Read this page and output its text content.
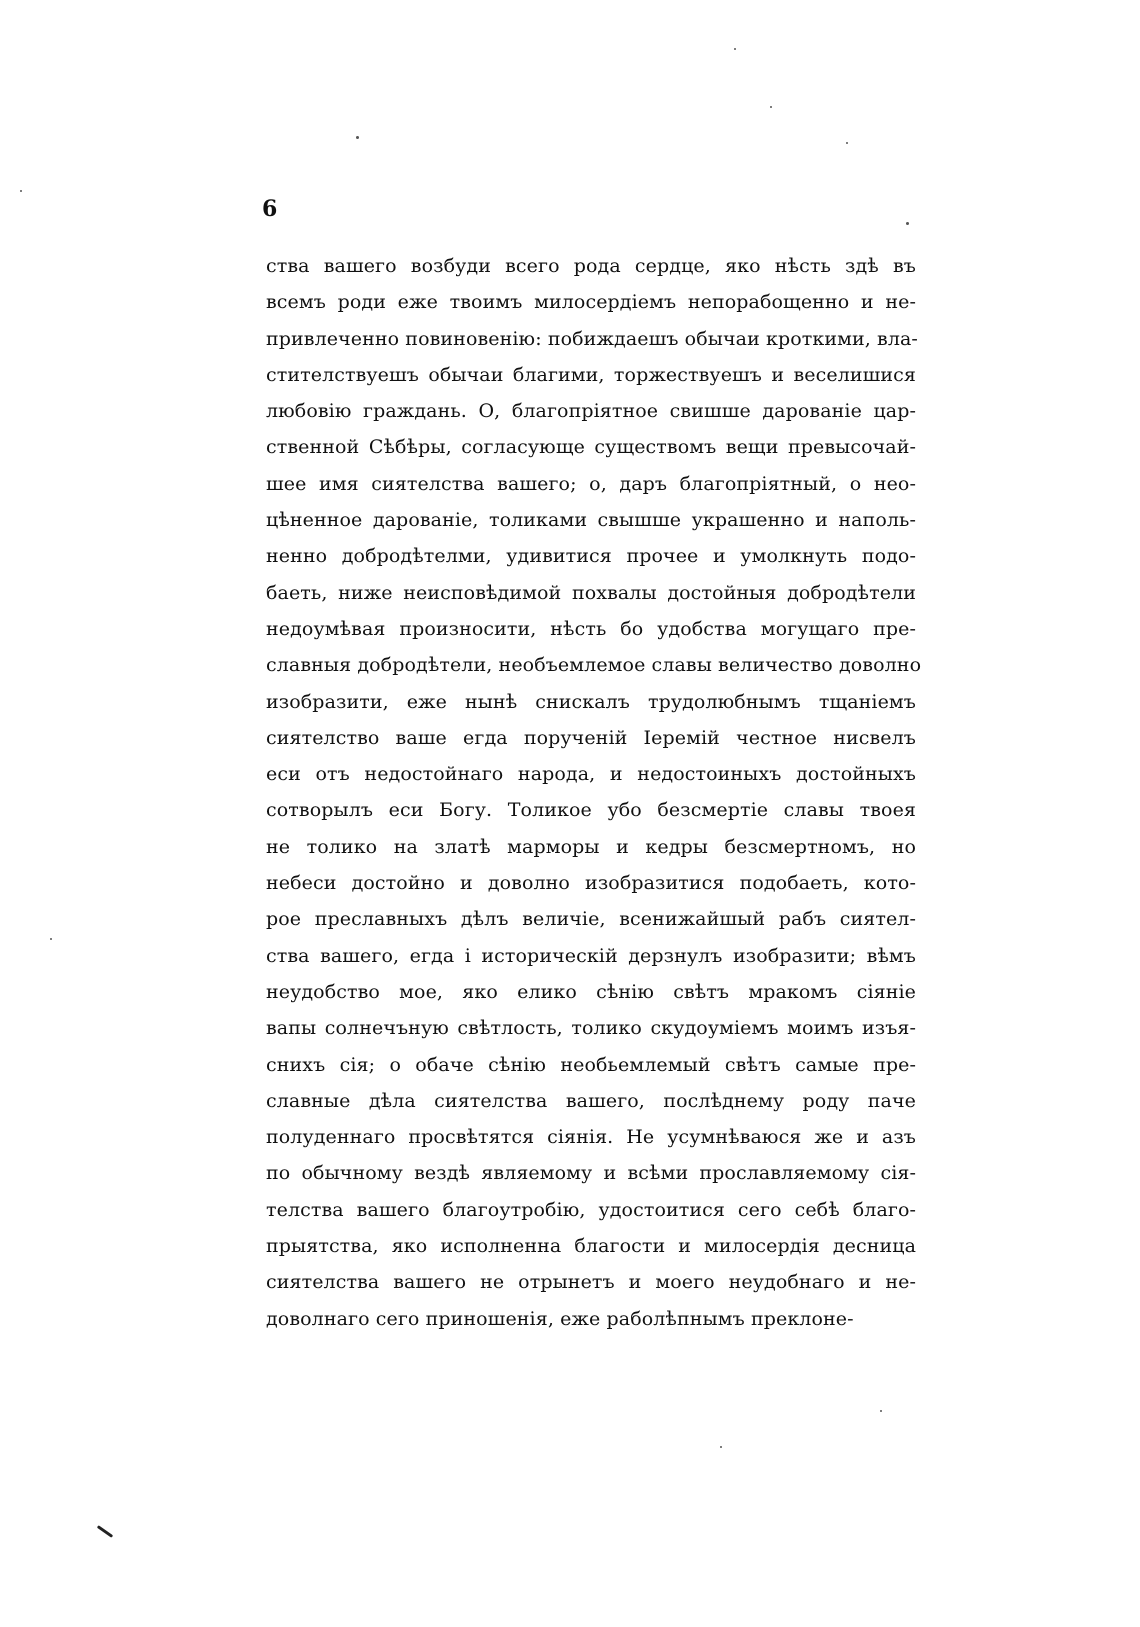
6
ства вашего возбуди всего рода сердце, яко нѣсть здѣ въ
всемъ роди еже твоимъ милосердіемъ непорабощенно и не-
привлеченно повиновенію: побиждаешъ обычаи кроткими, вла-
стителствуешъ обычаи благими, торжествуешъ и веселишися
любовію граждань. О, благопріятное свишше дарованіе цар-
ственной Сѣбѣры, согласующе существомъ вещи превысочай-
шее имя сиятелства вашего; о, даръ благопріятный, о нео-
цѣненное дарованіе, толиками свышше украшенно и наполь-
ненно добродѣтелми, удивитися прочее и умолкнуть подо-
баеть, ниже неисповѣдимой похвалы достойныя добродѣтели
недоумѣвая произносити, нѣсть бо удобства могущаго пре-
славныя добродѣтели, необъемлемое славы величество доволно
изобразити, еже нынѣ снискалъ трудолюбнымъ тщаніемъ
сиятелство ваше егда порученій Іеремій честное нисвелъ
еси отъ недостойнаго народа, и недостоиныхъ достойныхъ
сотворылъ еси Богу. Толикое убо безсмертіе славы твоея
не толико на златѣ марморы и кедры безсмертномъ, но
небеси достойно и доволно изобразитися подобаеть, кото-
рое преславныхъ дѣлъ величіе, всенижайшый рабъ сиятел-
ства вашего, егда і историческій дерзнулъ изобразити; вѣмъ
неудобство мое, яко елико сѣнію свѣтъ мракомъ сіяніе
вапы солнечъную свѣтлость, толико скудоуміемъ моимъ изъя-
снихъ сія; о обаче сѣнію необьемлемый свѣтъ самые пре-
славные дѣла сиятелства вашего, послѣднему роду паче
полуденнаго просвѣтятся сіянія. Не усумнѣваюся же и азъ
по обычному вездѣ являемому и всѣми прославляемому сія-
телства вашего благоутробію, удостоитися сего себѣ благо-
прыятства, яко исполненна благости и милосердія десница
сиятелства вашего не отрынетъ и моего неудобнаго и не-
доволнаго сего приношенія, еже раболѣпнымъ преклоне-
